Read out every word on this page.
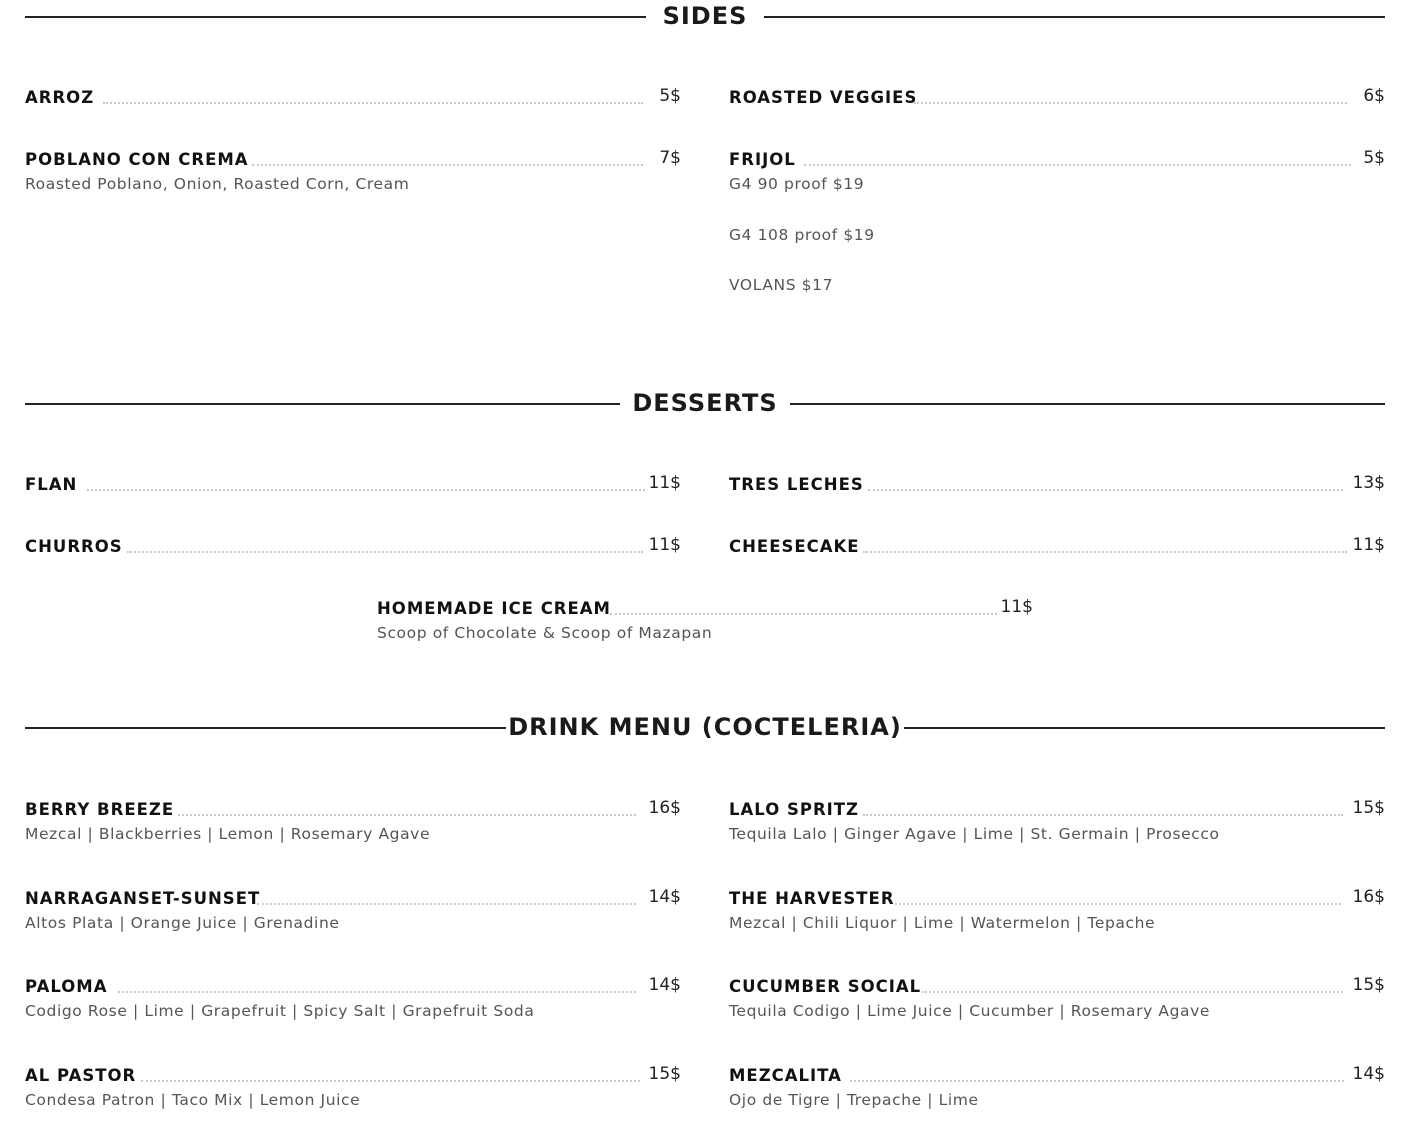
SIDES
ARROZ	5$
POBLANO CON CREMA	7$
Roasted Poblano, Onion, Roasted Corn, Cream
ROASTED VEGGIES	6$
FRIJOL	5$
G4 90 proof $19
G4 108 proof $19
VOLANS $17
DESSERTS
FLAN	11$
CHURROS	11$
TRES LECHES	13$
CHEESECAKE	11$
HOMEMADE ICE CREAM	11$
Scoop of Chocolate & Scoop of Mazapan
DRINK MENU (COCTELERIA)
BERRY BREEZE	16$
Mezcal | Blackberries | Lemon | Rosemary Agave
NARRAGANSET-SUNSET	14$
Altos Plata | Orange Juice | Grenadine
PALOMA	14$
Codigo Rose | Lime | Grapefruit | Spicy Salt | Grapefruit Soda
AL PASTOR	15$
Condesa Patron | Taco Mix | Lemon Juice
LALO SPRITZ	15$
Tequila Lalo | Ginger Agave | Lime | St. Germain | Prosecco
THE HARVESTER	16$
Mezcal | Chili Liquor | Lime | Watermelon | Tepache
CUCUMBER SOCIAL	15$
Tequila Codigo | Lime Juice | Cucumber | Rosemary Agave
MEZCALITA	14$
Ojo de Tigre | Trepache | Lime
